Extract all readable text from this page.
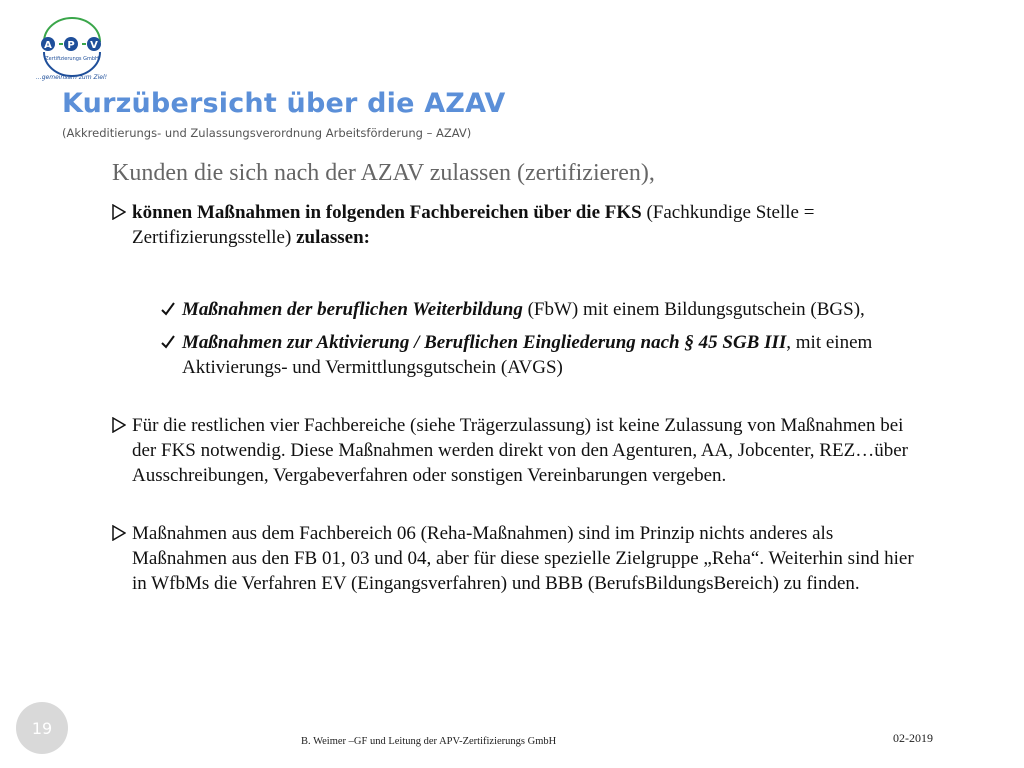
A P V
Zertifizierungs GmbH
...gemeinsam zum Ziel!
Kurzübersicht über die AZAV
(Akkreditierungs- und Zulassungsverordnung Arbeitsförderung – AZAV)
Kunden die sich nach der AZAV zulassen (zertifizieren),
können Maßnahmen in folgenden Fachbereichen über die FKS (Fachkundige Stelle = Zertifizierungsstelle) zulassen:
Maßnahmen der beruflichen Weiterbildung (FbW) mit einem Bildungsgutschein (BGS),
Maßnahmen zur Aktivierung / Beruflichen Eingliederung nach § 45 SGB III, mit einem Aktivierungs- und Vermittlungsgutschein (AVGS)
Für die restlichen vier Fachbereiche (siehe Trägerzulassung) ist keine Zulassung von Maßnahmen bei der FKS notwendig. Diese Maßnahmen werden direkt von den Agenturen, AA, Jobcenter, REZ…über Ausschreibungen, Vergabeverfahren oder sonstigen Vereinbarungen vergeben.
Maßnahmen aus dem Fachbereich 06 (Reha-Maßnahmen) sind im Prinzip nichts anderes als Maßnahmen aus den FB 01, 03 und 04, aber für diese spezielle Zielgruppe „Reha“. Weiterhin sind hier in WfbMs die Verfahren EV (Eingangsverfahren) und BBB (BerufsBildungsBereich) zu finden.
19
B. Weimer –GF und Leitung der APV-Zertifizierungs GmbH	02-2019
